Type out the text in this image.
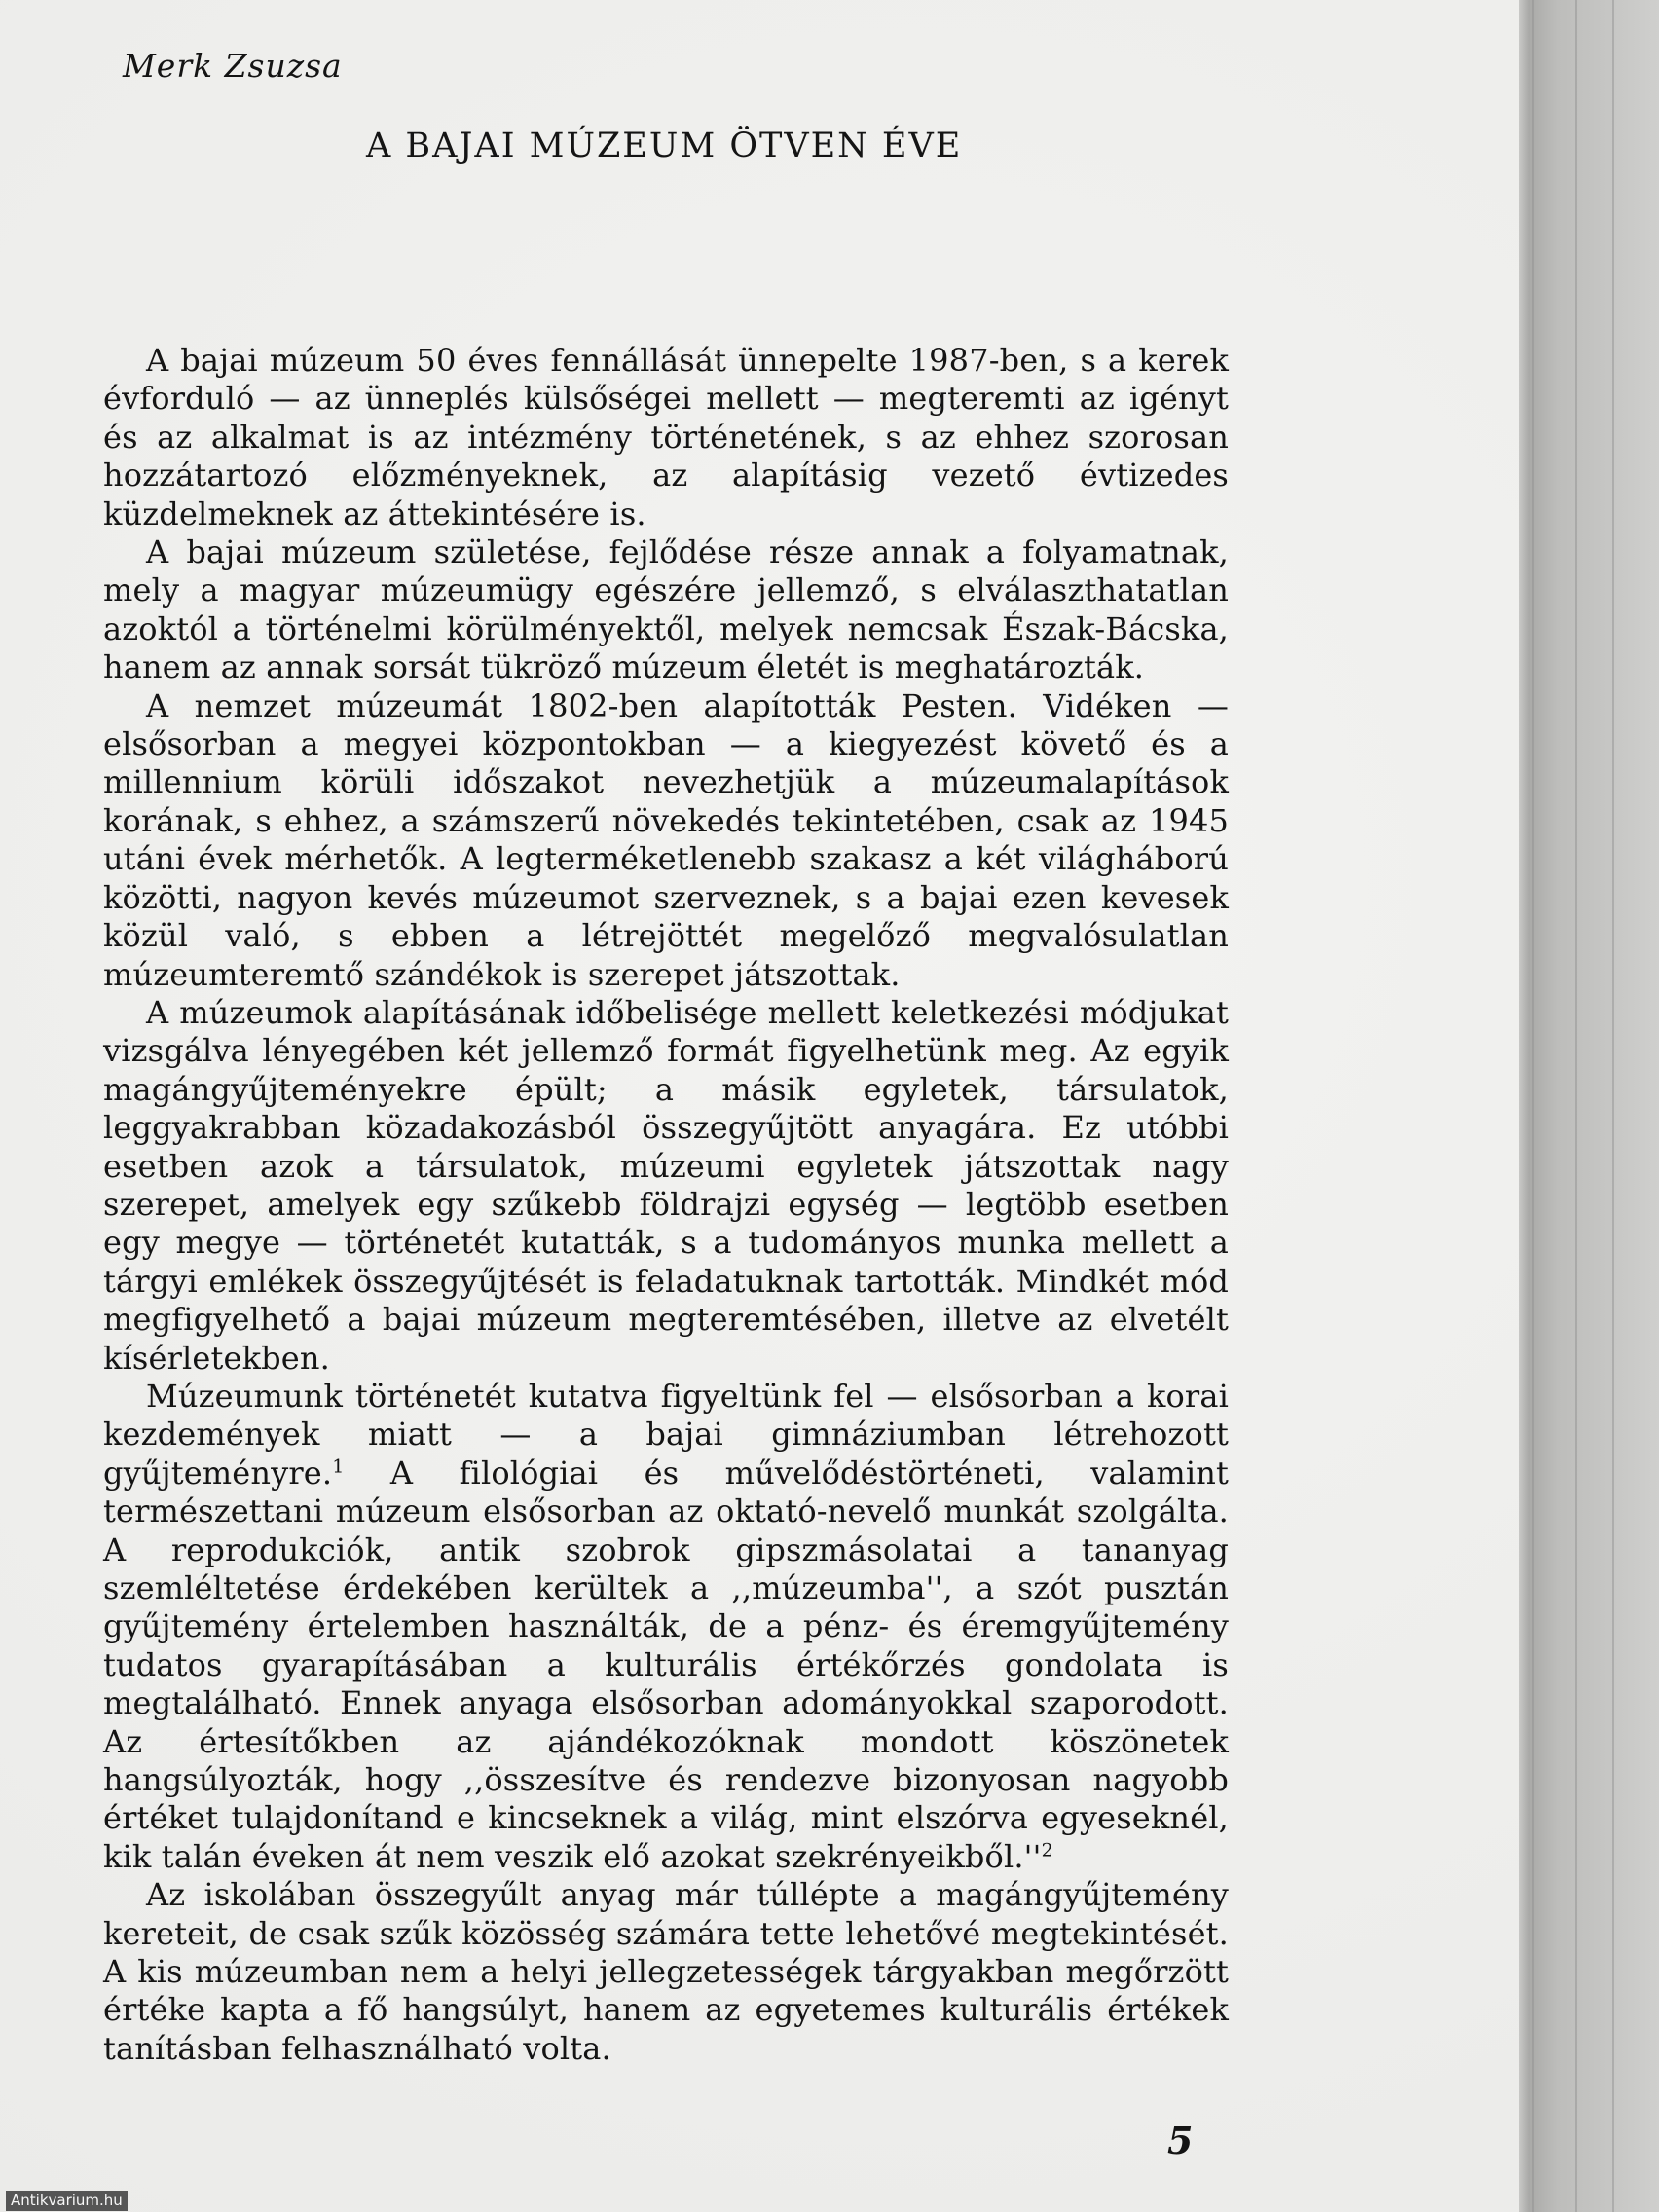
Merk Zsuzsa

A BAJAI MÚZEUM ÖTVEN ÉVE

A bajai múzeum 50 éves fennállását ünnepelte 1987-ben, s a kerek évforduló — az ünneplés külsőségei mellett — megteremti az igényt és az alkalmat is az intézmény történetének, s az ehhez szorosan hozzátartozó előzményeknek, az alapításig vezető évtizedes küzdelmeknek az áttekintésére is.

A bajai múzeum születése, fejlődése része annak a folyamatnak, mely a magyar múzeumügy egészére jellemző, s elválaszthatatlan azoktól a történelmi körülményektől, melyek nemcsak Észak-Bácska, hanem az annak sorsát tükröző múzeum életét is meghatározták.

A nemzet múzeumát 1802-ben alapították Pesten. Vidéken — elsősorban a megyei központokban — a kiegyezést követő és a millennium körüli időszakot nevezhetjük a múzeumalapítások korának, s ehhez, a számszerű növekedés tekintetében, csak az 1945 utáni évek mérhetők. A legterméketlenebb szakasz a két világháború közötti, nagyon kevés múzeumot szerveznek, s a bajai ezen kevesek közül való, s ebben a létrejöttét megelőző megvalósulatlan múzeumteremtő szándékok is szerepet játszottak.

A múzeumok alapításának időbelisége mellett keletkezési módjukat vizsgálva lényegében két jellemző formát figyelhetünk meg. Az egyik magángyűjteményekre épült; a másik egyletek, társulatok, leggyakrabban közadakozásból összegyűjtött anyagára. Ez utóbbi esetben azok a társulatok, múzeumi egyletek játszottak nagy szerepet, amelyek egy szűkebb földrajzi egység — legtöbb esetben egy megye — történetét kutatták, s a tudományos munka mellett a tárgyi emlékek összegyűjtését is feladatuknak tartották. Mindkét mód megfigyelhető a bajai múzeum megteremtésében, illetve az elvetélt kísérletekben.

Múzeumunk történetét kutatva figyeltünk fel — elsősorban a korai kezdemények miatt — a bajai gimnáziumban létrehozott gyűjteményre.$^1$ A filológiai és művelődéstörténeti, valamint természettani múzeum elsősorban az oktató-nevelő munkát szolgálta. A reprodukciók, antik szobrok gipszmásolatai a tananyag szemléltetése érdekében kerültek a ,,múzeumba'', a szót pusztán gyűjtemény értelemben használták, de a pénz- és éremgyűjtemény tudatos gyarapításában a kulturális értékőrzés gondolata is megtalálható. Ennek anyaga elsősorban adományokkal szaporodott. Az értesítőkben az ajándékozóknak mondott köszönetek hangsúlyozták, hogy ,,összesítve és rendezve bizonyosan nagyobb értéket tulajdonítand e kincseknek a világ, mint elszórva egyeseknél, kik talán éveken át nem veszik elő azokat $szekrényeikből.''^2$

Az iskolában összegyűlt anyag már túllépte a magángyűjtemény kereteit, de csak szűk közösség számára tette lehetővé megtekintését. A kis múzeumban nem a helyi jellegzetességek tárgyakban megőrzött értéke kapta a fő hangsúlyt, hanem az egyetemes kulturális értékek tanításban felhasználható volta.

5

Antikvarium.hu
